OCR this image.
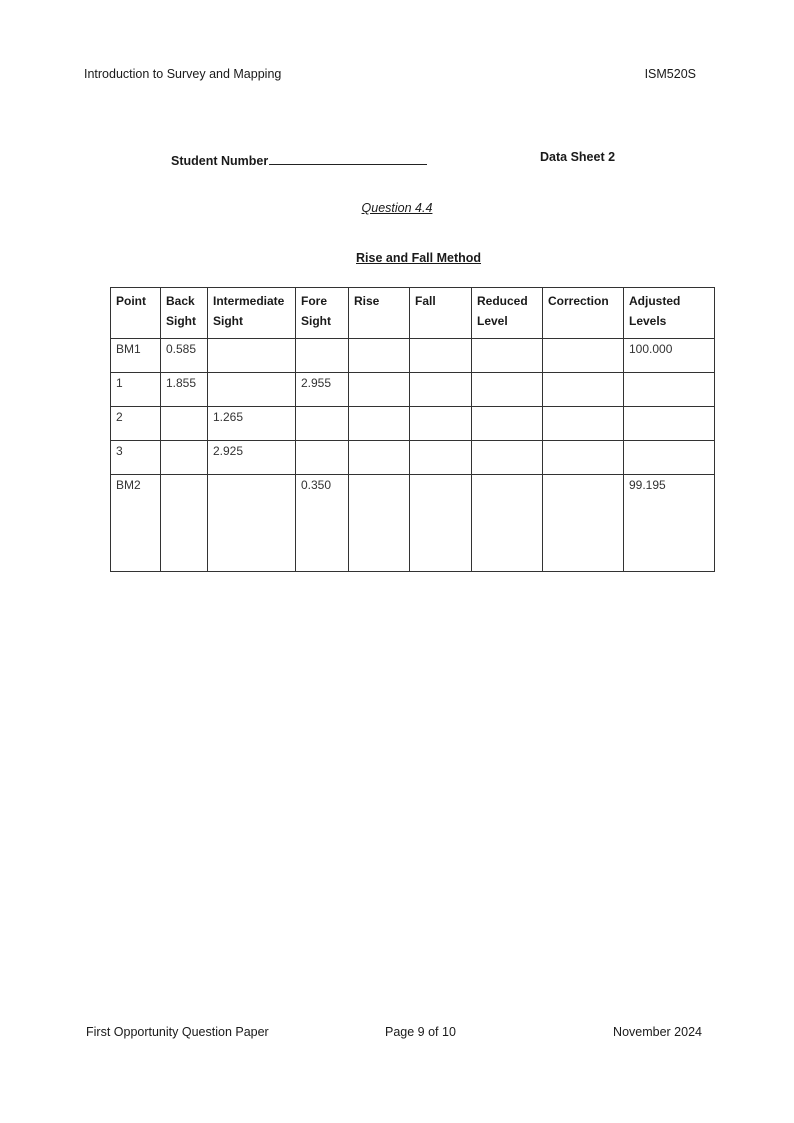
Introduction to Survey and Mapping	ISM520S
Student Number	Data Sheet 2
Question 4.4
Rise and Fall Method
Point	Back Sight	Intermediate Sight	Fore Sight	Rise	Fall	Reduced Level	Correction	Adjusted Levels
BM1	0.585							100.000
1	1.855		2.955					
2		1.265						
3		2.925						
BM2			0.350					99.195
First Opportunity Question Paper	Page 9 of 10	November 2024
